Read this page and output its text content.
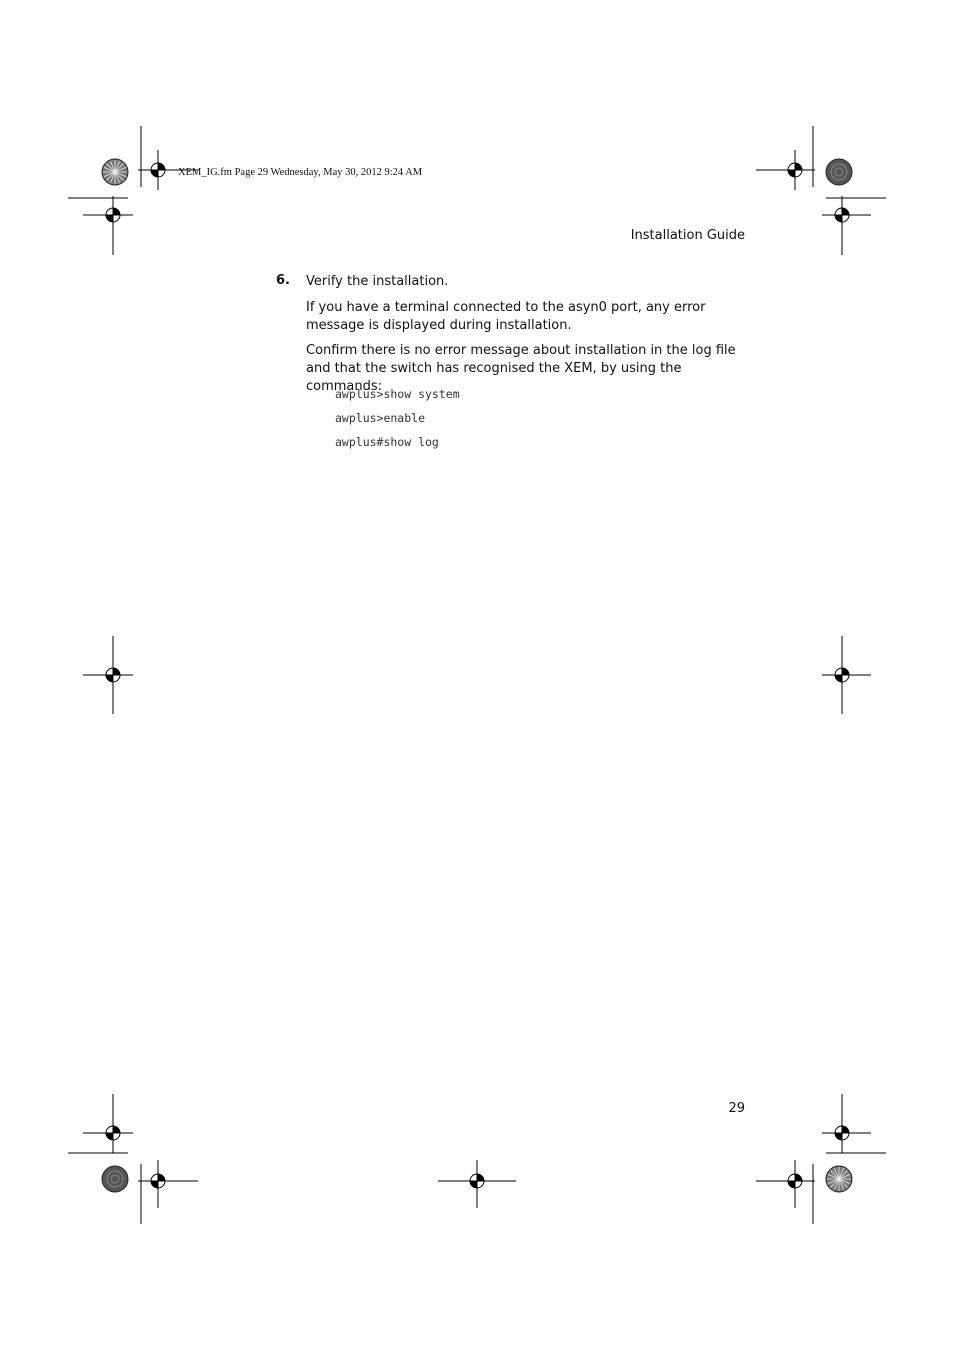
XEM_IG.fm Page 29 Wednesday, May 30, 2012 9:24 AM
Installation Guide
6. Verify the installation.
If you have a terminal connected to the asyn0 port, any error message is displayed during installation.
Confirm there is no error message about installation in the log file and that the switch has recognised the XEM, by using the commands:
awplus>show system
awplus>enable
awplus#show log
29
